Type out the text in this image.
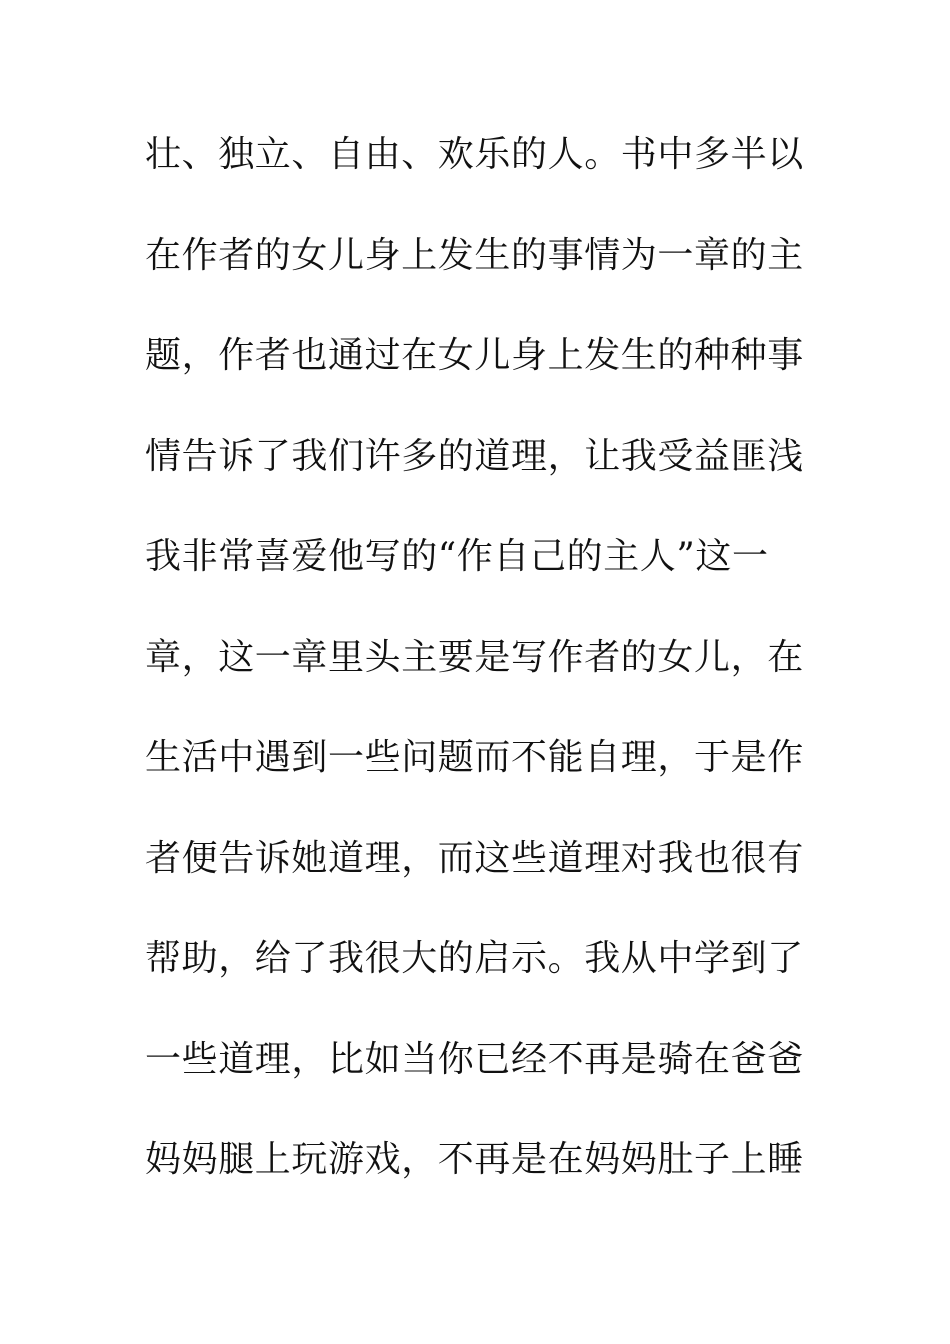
壮、独立、自由、欢乐的人。书中多半以
在作者的女儿身上发生的事情为一章的主
题，作者也通过在女儿身上发生的种种事
情告诉了我们许多的道理，让我受益匪浅
我非常喜爱他写的“作自己的主人”这一
章，这一章里头主要是写作者的女儿，在
生活中遇到一些问题而不能自理，于是作
者便告诉她道理，而这些道理对我也很有
帮助，给了我很大的启示。我从中学到了
一些道理，比如当你已经不再是骑在爸爸
妈妈腿上玩游戏，不再是在妈妈肚子上睡
